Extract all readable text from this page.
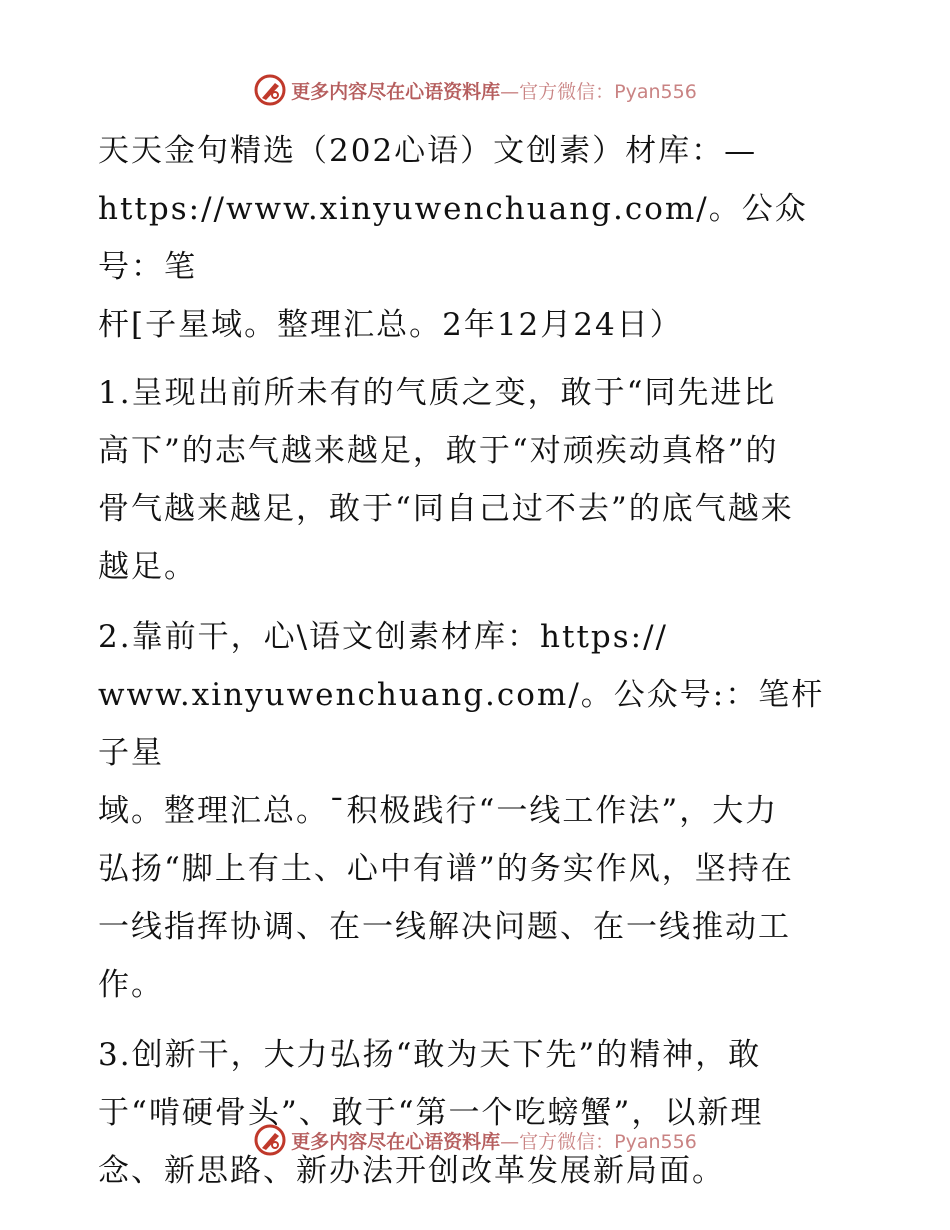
更多内容尽在心语资料库—官方微信：Pyan556
天天金句精选（202心语）文创素）材库：—
https://www.xinyuwenchuang.com/。公众号：笔
杆[子星域。整理汇总。2年12月24日）
1.呈现出前所未有的气质之变，敢于“同先进比
高下”的志气越来越足，敢于“对顽疾动真格”的
骨气越来越足，敢于“同自己过不去”的底气越来
越足。
2.靠前干，心\语文创素材库：https://
www.xinyuwenchuang.com/。公众号:：笔杆子星
域。整理汇总。¯积极践行“一线工作法”，大力
弘扬“脚上有土、心中有谱”的务实作风，坚持在
一线指挥协调、在一线解决问题、在一线推动工
作。
3.创新干，大力弘扬“敢为天下先”的精神，敢
于“啃硬骨头”、敢于“第一个吃螃蟹”，以新理
念、新思路、新办法开创改革发展新局面。
更多内容尽在心语资料库—官方微信：Pyan556
